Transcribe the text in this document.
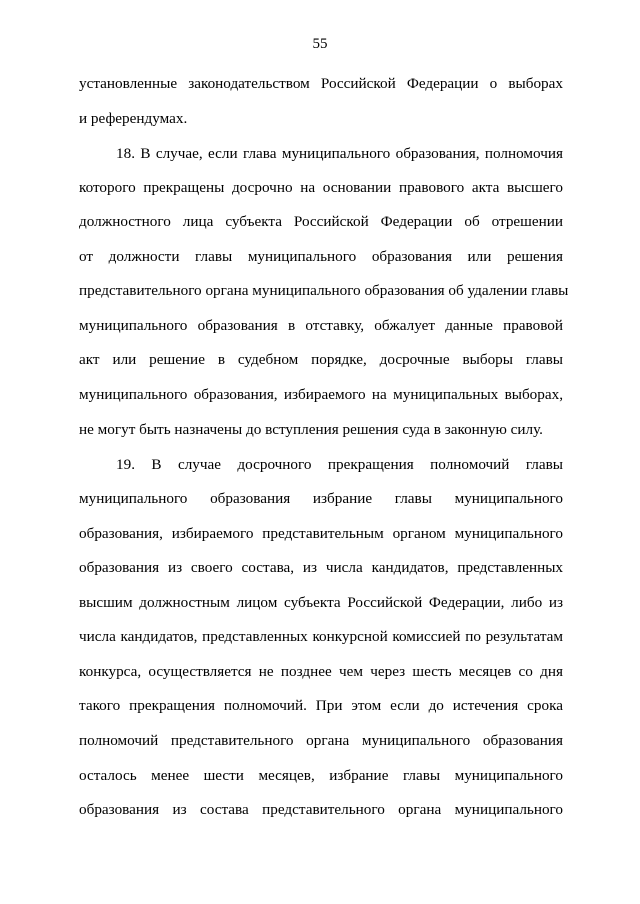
55
установленные законодательством Российской Федерации о выборах
и референдумах.
18. В случае, если глава муниципального образования, полномочия
которого прекращены досрочно на основании правового акта высшего
должностного лица субъекта Российской Федерации об отрешении
от должности главы муниципального образования или решения
представительного органа муниципального образования об удалении главы
муниципального образования в отставку, обжалует данные правовой
акт или решение в судебном порядке, досрочные выборы главы
муниципального образования, избираемого на муниципальных выборах,
не могут быть назначены до вступления решения суда в законную силу.
19. В случае досрочного прекращения полномочий главы
муниципального образования избрание главы муниципального
образования, избираемого представительным органом муниципального
образования из своего состава, из числа кандидатов, представленных
высшим должностным лицом субъекта Российской Федерации, либо из
числа кандидатов, представленных конкурсной комиссией по результатам
конкурса, осуществляется не позднее чем через шесть месяцев со дня
такого прекращения полномочий. При этом если до истечения срока
полномочий представительного органа муниципального образования
осталось менее шести месяцев, избрание главы муниципального
образования из состава представительного органа муниципального
